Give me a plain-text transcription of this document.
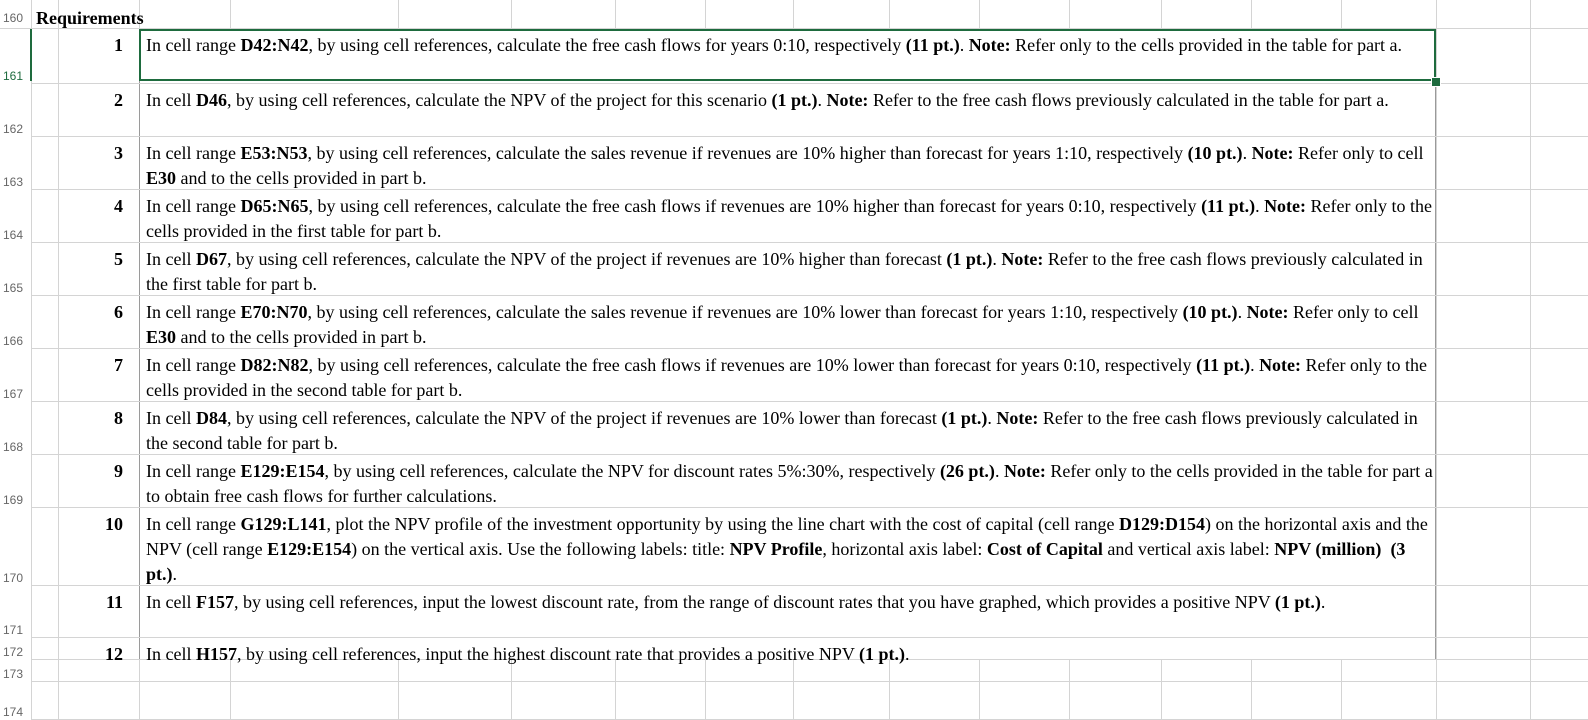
160
161
162
163
164
165
166
167
168
169
170
171
172
173
174
Requirements
1 In cell range D42:N42, by using cell references, calculate the free cash flows for years 0:10, respectively (11 pt.). Note: Refer only to the cells provided in the table for part a.
2 In cell D46, by using cell references, calculate the NPV of the project for this scenario (1 pt.). Note: Refer to the free cash flows previously calculated in the table for part a.
3 In cell range E53:N53, by using cell references, calculate the sales revenue if revenues are 10% higher than forecast for years 1:10, respectively (10 pt.). Note: Refer only to cell E30 and to the cells provided in part b.
4 In cell range D65:N65, by using cell references, calculate the free cash flows if revenues are 10% higher than forecast for years 0:10, respectively (11 pt.). Note: Refer only to the cells provided in the first table for part b.
5 In cell D67, by using cell references, calculate the NPV of the project if revenues are 10% higher than forecast (1 pt.). Note: Refer to the free cash flows previously calculated in the first table for part b.
6 In cell range E70:N70, by using cell references, calculate the sales revenue if revenues are 10% lower than forecast for years 1:10, respectively (10 pt.). Note: Refer only to cell E30 and to the cells provided in part b.
7 In cell range D82:N82, by using cell references, calculate the free cash flows if revenues are 10% lower than forecast for years 0:10, respectively (11 pt.). Note: Refer only to the cells provided in the second table for part b.
8 In cell D84, by using cell references, calculate the NPV of the project if revenues are 10% lower than forecast (1 pt.). Note: Refer to the free cash flows previously calculated in the second table for part b.
9 In cell range E129:E154, by using cell references, calculate the NPV for discount rates 5%:30%, respectively (26 pt.). Note: Refer only to the cells provided in the table for part a to obtain free cash flows for further calculations.
10 In cell range G129:L141, plot the NPV profile of the investment opportunity by using the line chart with the cost of capital (cell range D129:D154) on the horizontal axis and the NPV (cell range E129:E154) on the vertical axis. Use the following labels: title: NPV Profile, horizontal axis label: Cost of Capital and vertical axis label: NPV (million) (3 pt.).
11 In cell F157, by using cell references, input the lowest discount rate, from the range of discount rates that you have graphed, which provides a positive NPV (1 pt.).
12 In cell H157, by using cell references, input the highest discount rate that provides a positive NPV (1 pt.).
